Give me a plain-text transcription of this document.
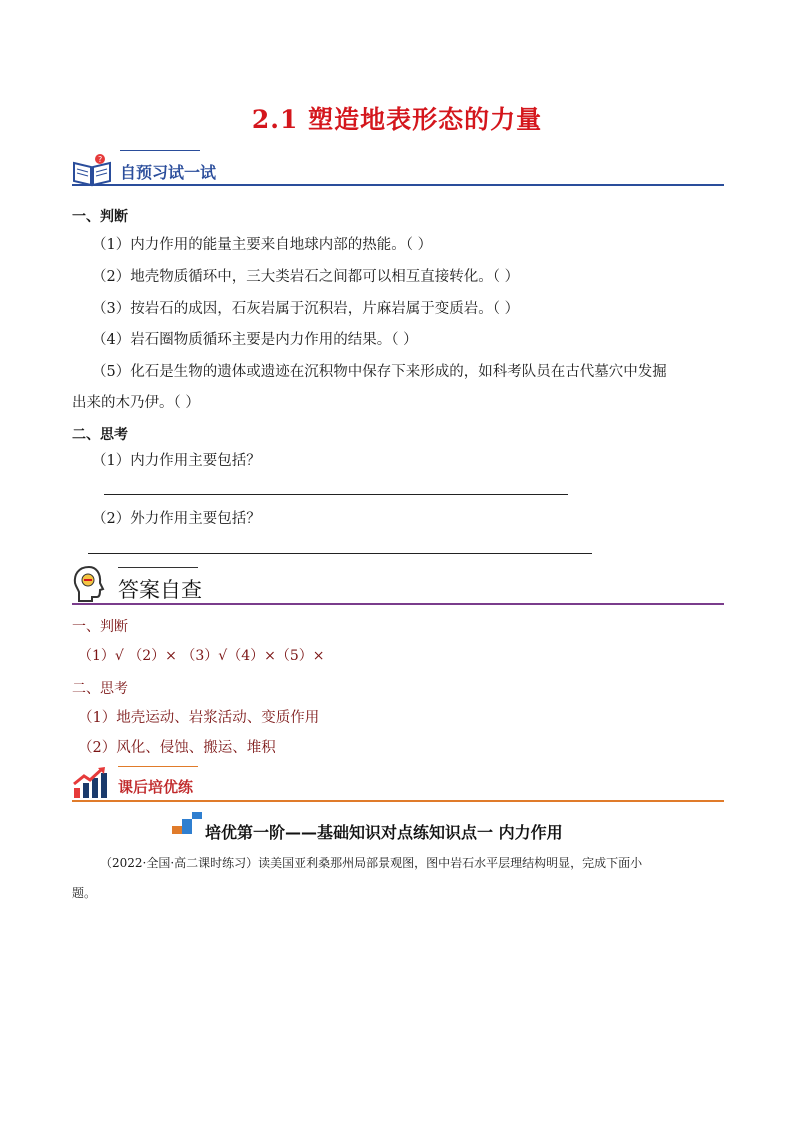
2.1 塑造地表形态的力量
?
自预习试一试
一、判断
（1）内力作用的能量主要来自地球内部的热能。（ ）
（2）地壳物质循环中，三大类岩石之间都可以相互直接转化。（ ）
（3）按岩石的成因，石灰岩属于沉积岩，片麻岩属于变质岩。（ ）
（4）岩石圈物质循环主要是内力作用的结果。（ ）
（5）化石是生物的遗体或遗迹在沉积物中保存下来形成的，如科考队员在古代墓穴中发掘
出来的木乃伊。（ ）
二、思考
（1）内力作用主要包括？
（2）外力作用主要包括？
答案自查
一、判断
（1）√ （2）× （3）√（4）×（5）×
二、思考
（1）地壳运动、岩浆活动、变质作用
（2）风化、侵蚀、搬运、堆积
课后培优练
培优第一阶——基础知识对点练知识点一 内力作用
（2022·全国·高二课时练习）读美国亚利桑那州局部景观图，图中岩石水平层理结构明显，完成下面小
题。
